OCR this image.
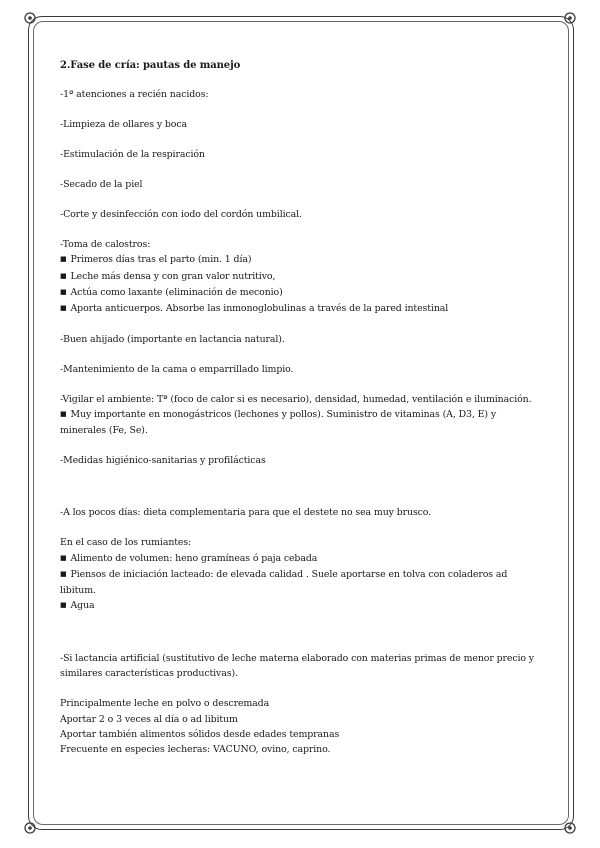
2.Fase de cría: pautas de manejo

-1ª atenciones a recién nacidos:

-Limpieza de ollares y boca

-Estimulación de la respiración

-Secado de la piel

-Corte y desinfección con iodo del cordón umbilical.

-Toma de calostros:

■ Primeros días tras el parto (min. 1 día)

■ Leche más densa y con gran valor nutritivo,

■ Actúa como laxante (eliminación de meconio)

■ Aporta anticuerpos. Absorbe las inmonoglobulinas a través de la pared intestinal

-Buen ahijado (importante en lactancia natural).

-Mantenimiento de la cama o emparrillado limpio.

-Vigilar el ambiente: Tª (foco de calor si es necesario), densidad, humedad, ventilación e iluminación.

■ Muy importante en monogástricos (lechones y pollos). Suministro de vitaminas (A, D3, E) y minerales (Fe, Se).

-Medidas higiénico-sanitarias y profilácticas

-A los pocos días: dieta complementaria para que el destete no sea muy brusco.

En el caso de los rumiantes:

■ Alimento de volumen: heno gramíneas ó paja cebada

■ Piensos de iniciación lacteado: de elevada calidad . Suele aportarse en tolva con coladeros ad libitum.

■ Agua

-Si lactancia artificial (sustitutivo de leche materna elaborado con materias primas de menor precio y similares características productivas).

Principalmente leche en polvo o descremada

Aportar 2 o 3 veces al día o ad libitum

Aportar también alimentos sólidos desde edades tempranas

Frecuente en especies lecheras: VACUNO, ovino, caprino.
